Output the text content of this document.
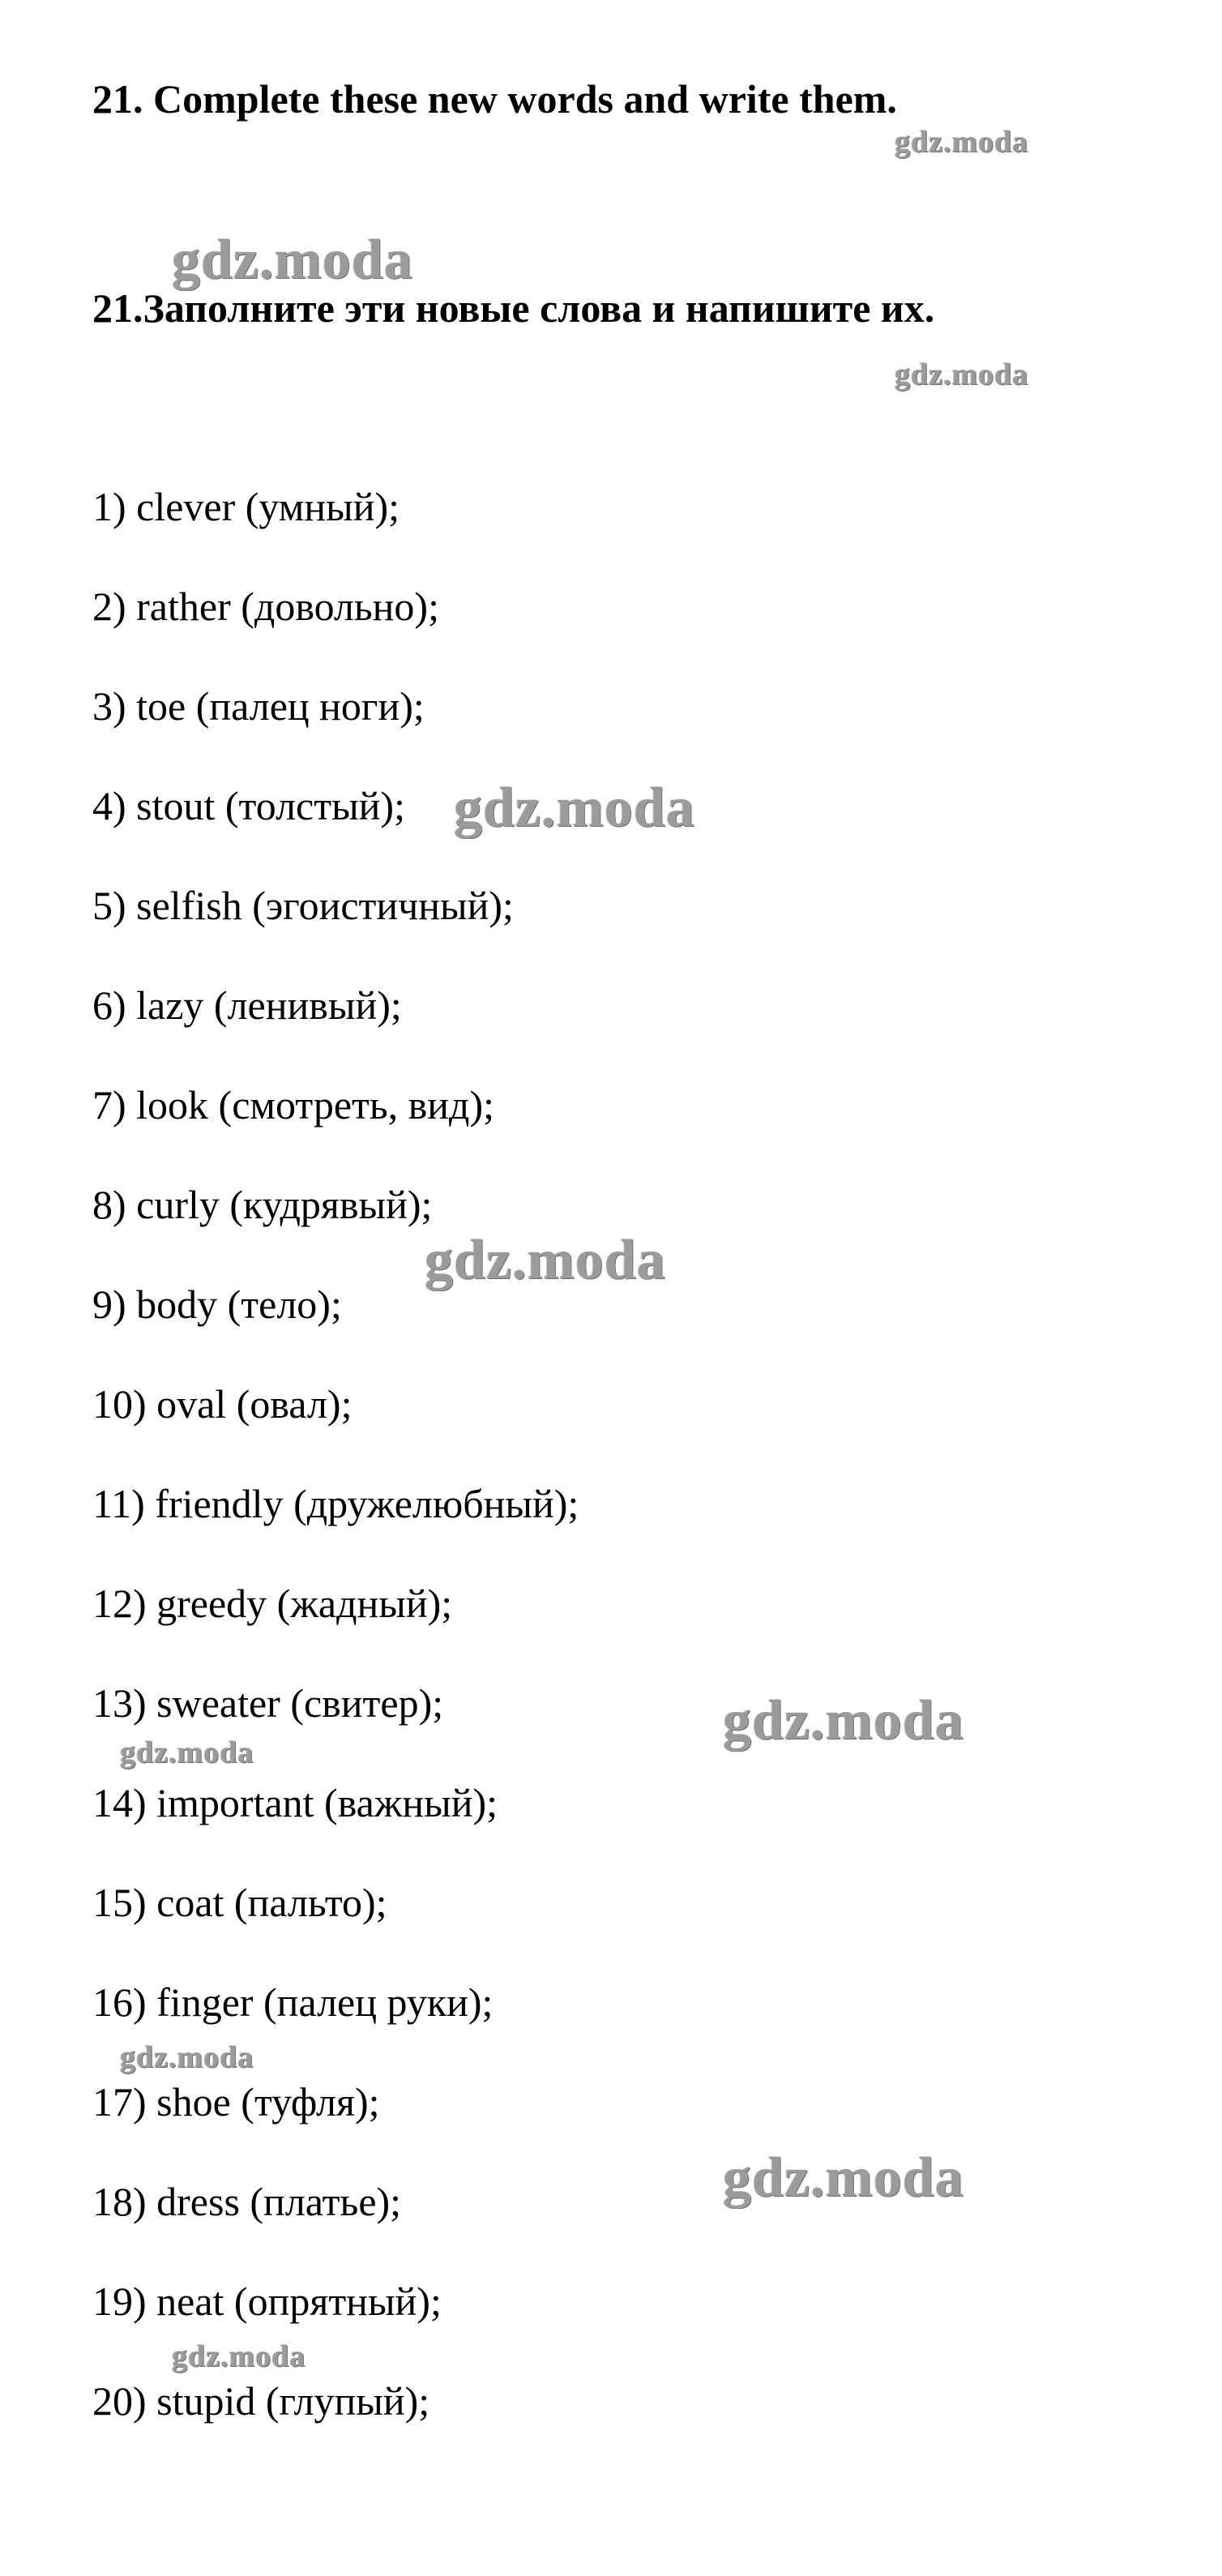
21. Complete these new words and write them.
21.Заполните эти новые слова и напишите их.
1) clever (умный);
2) rather (довольно);
3) toe (палец ноги);
4) stout (толстый);
5) selfish (эгоистичный);
6) lazy (ленивый);
7) look (смотреть, вид);
8) curly (кудрявый);
9) body (тело);
10) oval (овал);
11) friendly (дружелюбный);
12) greedy (жадный);
13) sweater (свитер);
14) important (важный);
15) coat (пальто);
16) finger (палец руки);
17) shoe (туфля);
18) dress (платье);
19) neat (опрятный);
20) stupid (глупый);
gdz.moda
gdz.moda
gdz.moda
gdz.moda
gdz.moda
gdz.moda
gdz.moda
gdz.moda
gdz.moda
gdz.moda
